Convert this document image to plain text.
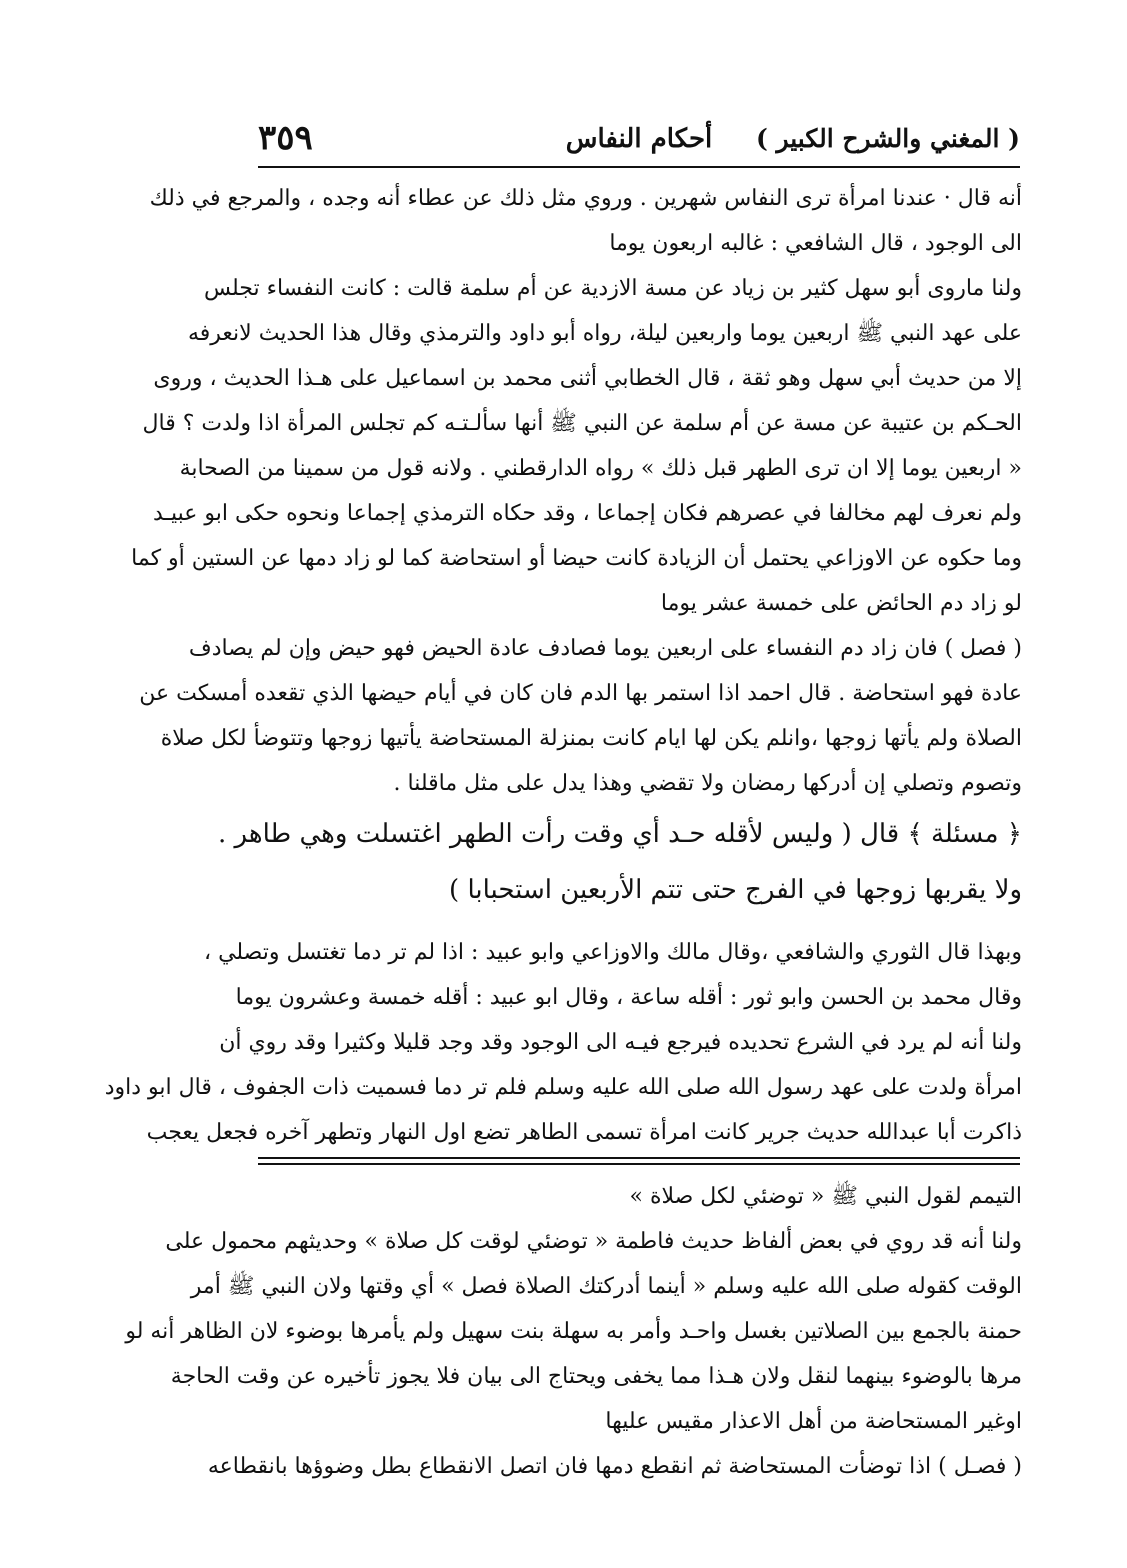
( المغني والشرح الكبير )
أحكام النفاس
٣٥٩
أنه قال · عندنا امرأة ترى النفاس شهرين . وروي مثل ذلك عن عطاء أنه وجده ، والمرجع في ذلك
الى الوجود ، قال الشافعي : غالبه اربعون يوما
ولنا ماروى أبو سهل كثير بن زياد عن مسة الازدية عن أم سلمة قالت : كانت النفساء تجلس
على عهد النبي ﷺ اربعين يوما واربعين ليلة، رواه أبو داود والترمذي وقال هذا الحديث لانعرفه
إلا من حديث أبي سهل وهو ثقة ، قال الخطابي أثنى محمد بن اسماعيل على هـذا الحديث ، وروى
الحـكم بن عتيبة عن مسة عن أم سلمة عن النبي ﷺ أنها سألـتـه كم تجلس المرأة اذا ولدت ؟ قال
« اربعين يوما إلا ان ترى الطهر قبل ذلك » رواه الدارقطني . ولانه قول من سمينا من الصحابة
ولم نعرف لهم مخالفا في عصرهم فكان إجماعا ، وقد حكاه الترمذي إجماعا ونحوه حكى ابو عبيـد
وما حكوه عن الاوزاعي يحتمل أن الزيادة كانت حيضا أو استحاضة كما لو زاد دمها عن الستين أو كما
لو زاد دم الحائض على خمسة عشر يوما
( فصل ) فان زاد دم النفساء على اربعين يوما فصادف عادة الحيض فهو حيض وإن لم يصادف
عادة فهو استحاضة . قال احمد اذا استمر بها الدم فان كان في أيام حيضها الذي تقعده أمسكت عن
الصلاة ولم يأتها زوجها ،وانلم يكن لها ايام كانت بمنزلة المستحاضة يأتيها زوجها وتتوضأ لكل صلاة
وتصوم وتصلي إن أدركها رمضان ولا تقضي وهذا يدل على مثل ماقلنا .
﴿ مسئلة ﴾ قال ( وليس لأقله حـد أي وقت رأت الطهر اغتسلت وهي طاهر .
ولا يقربها زوجها في الفرج حتى تتم الأربعين استحبابا )
وبهذا قال الثوري والشافعي ،وقال مالك والاوزاعي وابو عبيد : اذا لم تر دما تغتسل وتصلي ،
وقال محمد بن الحسن وابو ثور : أقله ساعة ، وقال ابو عبيد : أقله خمسة وعشرون يوما
ولنا أنه لم يرد في الشرع تحديده فيرجع فيـه الى الوجود وقد وجد قليلا وكثيرا وقد روي أن
امرأة ولدت على عهد رسول الله صلى الله عليه وسلم فلم تر دما فسميت ذات الجفوف ، قال ابو داود
ذاكرت أبا عبدالله حديث جرير كانت امرأة تسمى الطاهر تضع اول النهار وتطهر آخره فجعل يعجب
التيمم لقول النبي ﷺ « توضئي لكل صلاة »
ولنا أنه قد روي في بعض ألفاظ حديث فاطمة « توضئي لوقت كل صلاة » وحديثهم محمول على
الوقت كقوله صلى الله عليه وسلم « أينما أدركتك الصلاة فصل » أي وقتها ولان النبي ﷺ أمر
حمنة بالجمع بين الصلاتين بغسل واحـد وأمر به سهلة بنت سهيل ولم يأمرها بوضوء لان الظاهر أنه لو
مرها بالوضوء بينهما لنقل ولان هـذا مما يخفى ويحتاج الى بيان فلا يجوز تأخيره عن وقت الحاجة
اوغير المستحاضة من أهل الاعذار مقيس عليها
( فصـل ) اذا توضأت المستحاضة ثم انقطع دمها فان اتصل الانقطاع بطل وضوؤها بانقطاعه
